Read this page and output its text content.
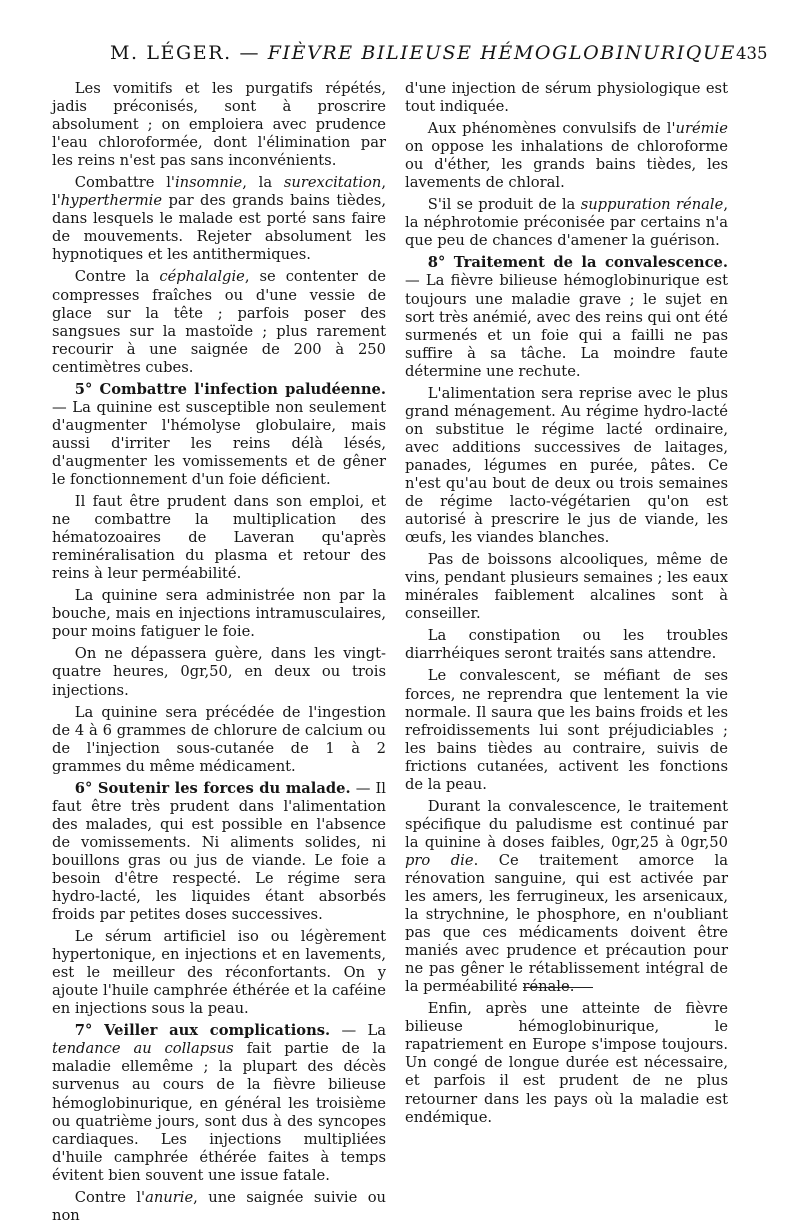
M. LÉGER. — FIÈVRE BILIEUSE HÉMOGLOBINURIQUE 435

Les vomitifs et les purgatifs répétés, jadis préconisés, sont à proscrire absolument ; on emploiera avec prudence l'eau chloroformée, dont l'élimination par les reins n'est pas sans inconvénients.

Combattre l'insomnie, la surexcitation, l'hyperthermie par des grands bains tièdes, dans lesquels le malade est porté sans faire de mouvements. Rejeter absolument les hypnotiques et les antithermiques.

Contre la céphalalgie, se contenter de compresses fraîches ou d'une vessie de glace sur la tête ; parfois poser des sangsues sur la mastoïde ; plus rarement recourir à une saignée de 200 à 250 centimètres cubes.

5° Combattre l'infection paludéenne. — La quinine est susceptible non seulement d'augmenter l'hémolyse globulaire, mais aussi d'irriter les reins délà lésés, d'augmenter les vomissements et de gêner le fonctionnement d'un foie déficient.

Il faut être prudent dans son emploi, et ne combattre la multiplication des hématozoaires de Laveran qu'après reminéralisation du plasma et retour des reins à leur perméabilité.

La quinine sera administrée non par la bouche, mais en injections intramusculaires, pour moins fatiguer le foie.

On ne dépassera guère, dans les vingt-quatre heures, 0gr,50, en deux ou trois injections.

La quinine sera précédée de l'ingestion de 4 à 6 grammes de chlorure de calcium ou de l'injection sous-cutanée de 1 à 2 grammes du même médicament.

6° Soutenir les forces du malade. — Il faut être très prudent dans l'alimentation des malades, qui est possible en l'absence de vomissements. Ni aliments solides, ni bouillons gras ou jus de viande. Le foie a besoin d'être respecté. Le régime sera hydro-lacté, les liquides étant absorbés froids par petites doses successives.

Le sérum artificiel iso ou légèrement hypertonique, en injections et en lavements, est le meilleur des réconfortants. On y ajoute l'huile camphrée éthérée et la caféine en injections sous la peau.

7° Veiller aux complications. — La tendance au collapsus fait partie de la maladie ellemême ; la plupart des décès survenus au cours de la fièvre bilieuse hémoglobinurique, en général les troisième ou quatrième jours, sont dus à des syncopes cardiaques. Les injections multipliées d'huile camphrée éthérée faites à temps évitent bien souvent une issue fatale.

Contre l'anurie, une saignée suivie ou non

d'une injection de sérum physiologique est tout indiquée.

Aux phénomènes convulsifs de l'urémie on oppose les inhalations de chloroforme ou d'éther, les grands bains tièdes, les lavements de chloral.

S'il se produit de la suppuration rénale, la néphrotomie préconisée par certains n'a que peu de chances d'amener la guérison.

8° Traitement de la convalescence. — La fièvre bilieuse hémoglobinurique est toujours une maladie grave ; le sujet en sort très anémié, avec des reins qui ont été surmenés et un foie qui a failli ne pas suffire à sa tâche. La moindre faute détermine une rechute.

L'alimentation sera reprise avec le plus grand ménagement. Au régime hydro-lacté on substitue le régime lacté ordinaire, avec additions successives de laitages, panades, légumes en purée, pâtes. Ce n'est qu'au bout de deux ou trois semaines de régime lacto-végétarien qu'on est autorisé à prescrire le jus de viande, les œufs, les viandes blanches.

Pas de boissons alcooliques, même de vins, pendant plusieurs semaines ; les eaux minérales faiblement alcalines sont à conseiller.

La constipation ou les troubles diarrhéiques seront traités sans attendre.

Le convalescent, se méfiant de ses forces, ne reprendra que lentement la vie normale. Il saura que les bains froids et les refroidissements lui sont préjudiciables ; les bains tièdes au contraire, suivis de frictions cutanées, activent les fonctions de la peau.

Durant la convalescence, le traitement spécifique du paludisme est continué par la quinine à doses faibles, 0gr,25 à 0gr,50 pro die. Ce traitement amorce la rénovation sanguine, qui est activée par les amers, les ferrugineux, les arsenicaux, la strychnine, le phosphore, en n'oubliant pas que ces médicaments doivent être maniés avec prudence et précaution pour ne pas gêner le rétablissement intégral de la perméabilité rénale.

Enfin, après une atteinte de fièvre bilieuse hémoglobinurique, le rapatriement en Europe s'impose toujours. Un congé de longue durée est nécessaire, et parfois il est prudent de ne plus retourner dans les pays où la maladie est endémique.
